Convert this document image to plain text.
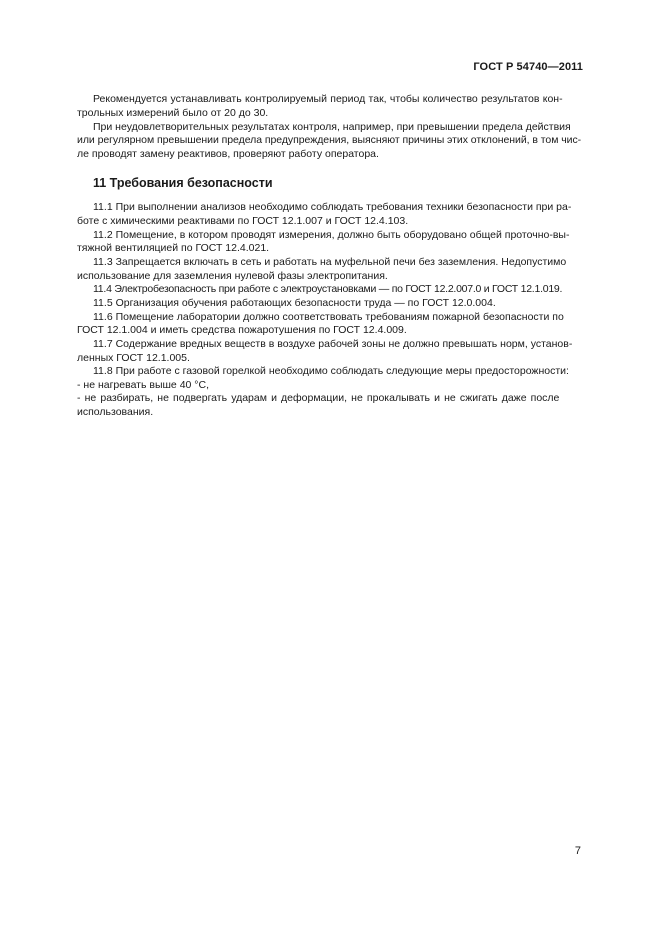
ГОСТ Р 54740—2011
Рекомендуется устанавливать контролируемый период так, чтобы количество результатов кон-
трольных измерений было от 20 до 30.
При неудовлетворительных результатах контроля, например, при превышении предела действия
или регулярном превышении предела предупреждения, выясняют причины этих отклонений, в том чис-
ле проводят замену реактивов, проверяют работу оператора.
11 Требования безопасности
11.1 При выполнении анализов необходимо соблюдать требования техники безопасности при ра-
боте с химическими реактивами по ГОСТ 12.1.007 и ГОСТ 12.4.103.
11.2 Помещение, в котором проводят измерения, должно быть оборудовано общей проточно-вы-
тяжной вентиляцией по ГОСТ 12.4.021.
11.3 Запрещается включать в сеть и работать на муфельной печи без заземления. Недопустимо
использование для заземления нулевой фазы электропитания.
11.4 Электробезопасность при работе с электроустановками — по ГОСТ 12.2.007.0 и ГОСТ 12.1.019.
11.5 Организация обучения работающих безопасности труда — по ГОСТ 12.0.004.
11.6 Помещение лаборатории должно соответствовать требованиям пожарной безопасности по
ГОСТ 12.1.004 и иметь средства пожаротушения по ГОСТ 12.4.009.
11.7 Содержание вредных веществ в воздухе рабочей зоны не должно превышать норм, установ-
ленных ГОСТ 12.1.005.
11.8 При работе с газовой горелкой необходимо соблюдать следующие меры предосторожности:
- не нагревать выше 40 °С,
- не разбирать, не подвергать ударам и деформации, не прокалывать и не сжигать даже после
использования.
7
